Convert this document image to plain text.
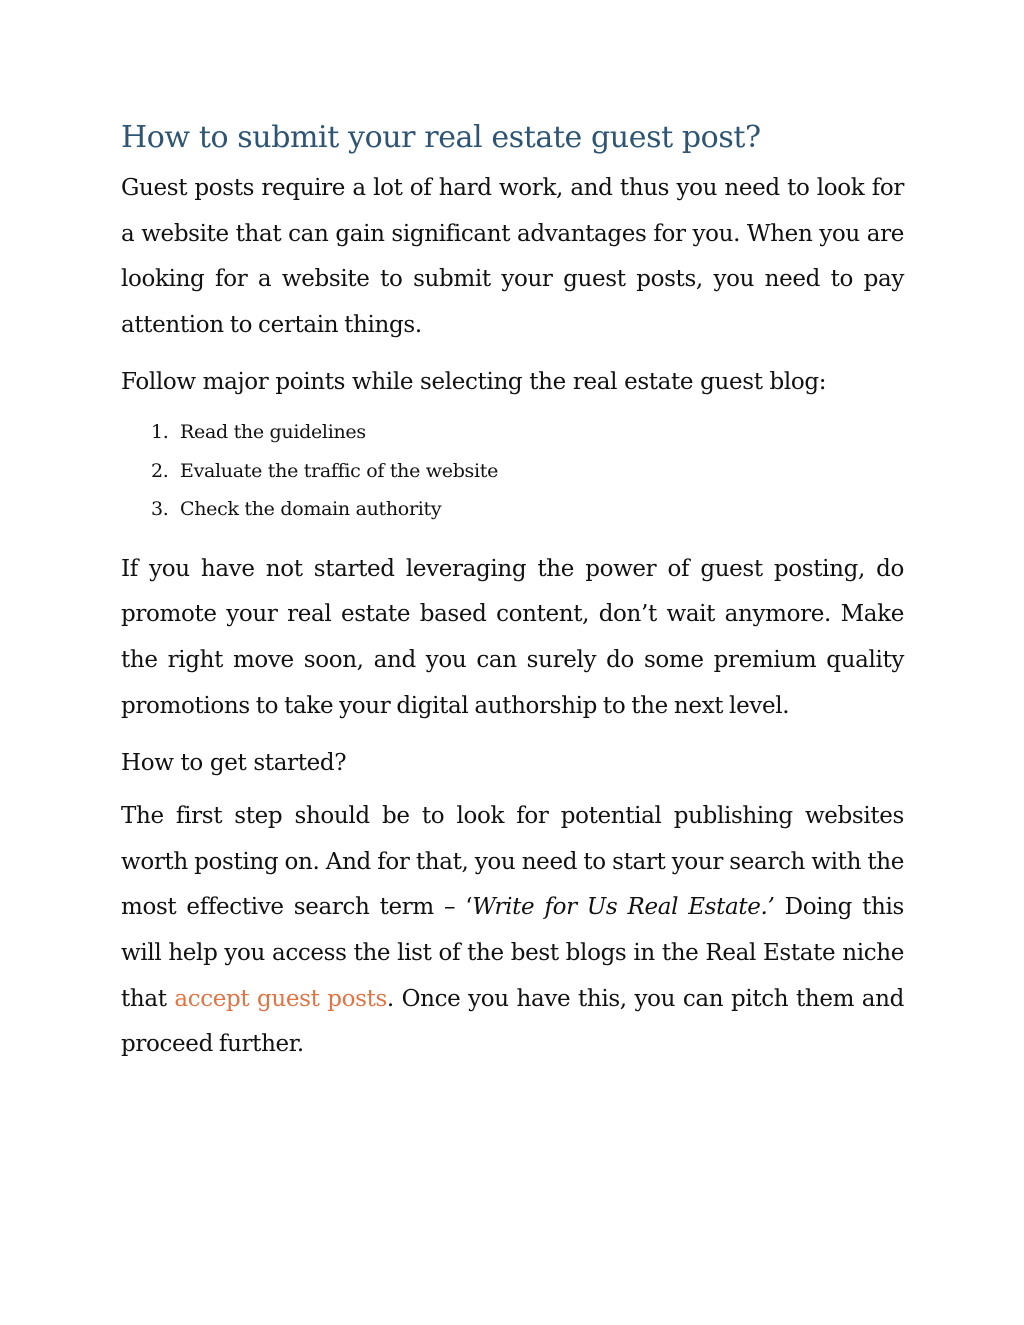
How to submit your real estate guest post?

Guest posts require a lot of hard work, and thus you need to look for a website that can gain significant advantages for you. When you are looking for a website to submit your guest posts, you need to pay attention to certain things.

Follow major points while selecting the real estate guest blog:

1. Read the guidelines
2. Evaluate the traffic of the website
3. Check the domain authority

If you have not started leveraging the power of guest posting, do promote your real estate based content, don’t wait anymore. Make the right move soon, and you can surely do some premium quality promotions to take your digital authorship to the next level.

How to get started?

The first step should be to look for potential publishing websites worth posting on. And for that, you need to start your search with the most effective search term – ‘Write for Us Real Estate.’ Doing this will help you access the list of the best blogs in the Real Estate niche that accept guest posts. Once you have this, you can pitch them and proceed further.
